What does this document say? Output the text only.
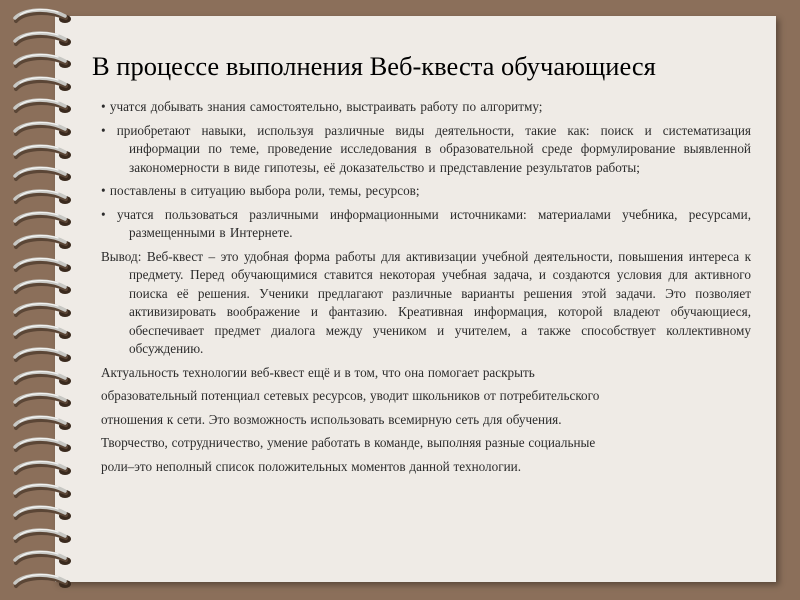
В процессе выполнения Веб-квеста обучающиеся

• учатся добывать знания самостоятельно, выстраивать работу по алгоритму;

• приобретают навыки, используя различные виды деятельности, такие как: поиск и систематизация информации по теме, проведение исследования в образовательной среде формулирование выявленной закономерности в виде гипотезы, её доказательство и представление результатов работы;

• поставлены в ситуацию выбора роли, темы, ресурсов;

• учатся пользоваться различными информационными источниками: материалами учебника, ресурсами, размещенными в Интернете.

Вывод: Веб-квест – это удобная форма работы для активизации учебной деятельности, повышения интереса к предмету. Перед обучающимися ставится некоторая учебная задача, и создаются условия для активного поиска её решения. Ученики предлагают различные варианты решения этой задачи. Это позволяет активизировать воображение и фантазию. Креативная информация, которой владеют обучающиеся, обеспечивает предмет диалога между учеником и учителем, а также способствует коллективному обсуждению.

Актуальность технологии веб-квест ещё и в том, что она помогает раскрыть

образовательный потенциал сетевых ресурсов, уводит школьников от потребительского

отношения к сети. Это возможность использовать всемирную сеть для обучения.

Творчество, сотрудничество, умение работать в команде, выполняя разные социальные

роли–это неполный список положительных моментов данной технологии.
